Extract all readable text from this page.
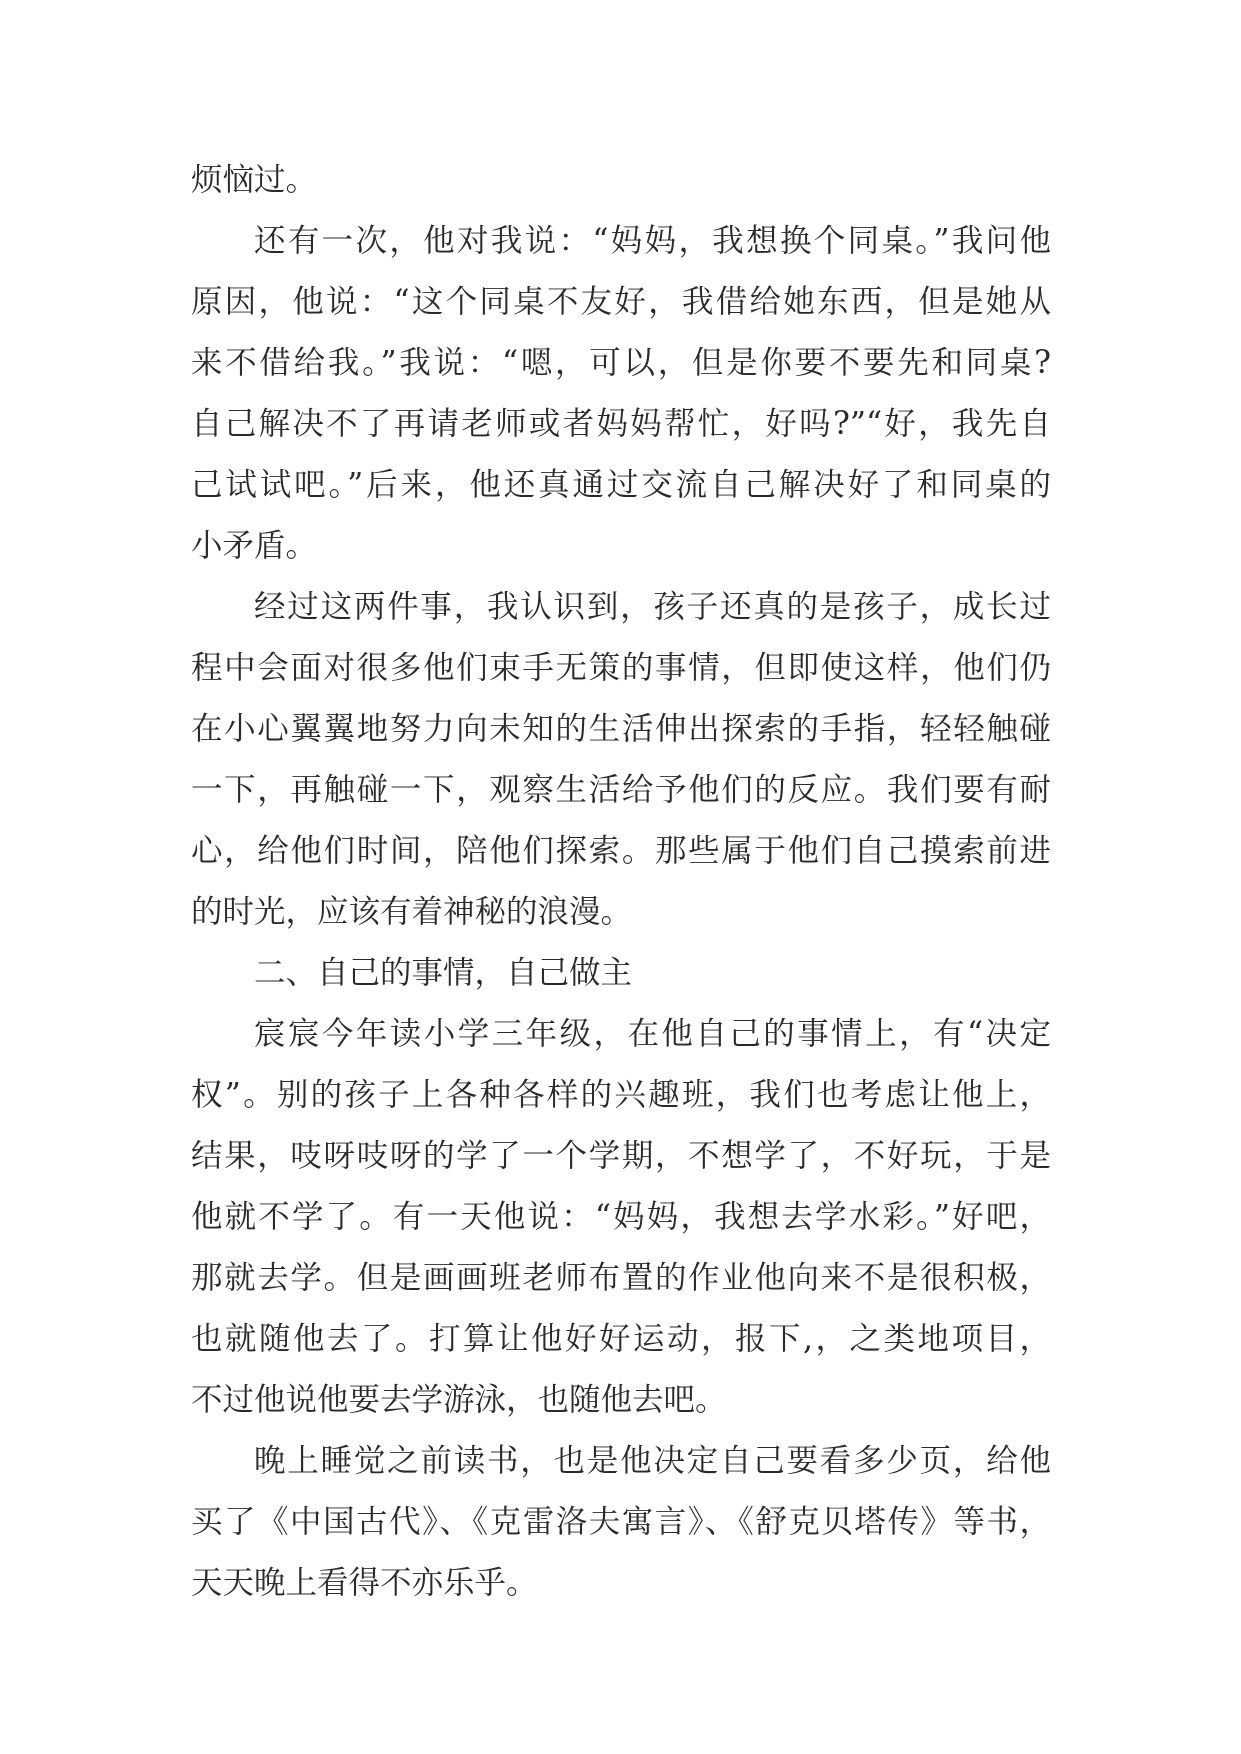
烦恼过。
还有一次，他对我说：“妈妈，我想换个同桌。”我问他
原因，他说：“这个同桌不友好，我借给她东西，但是她从
来不借给我。”我说：“嗯，可以，但是你要不要先和同桌?
自己解决不了再请老师或者妈妈帮忙，好吗?”“好，我先自
己试试吧。”后来，他还真通过交流自己解决好了和同桌的
小矛盾。
经过这两件事，我认识到，孩子还真的是孩子，成长过
程中会面对很多他们束手无策的事情，但即使这样，他们仍
在小心翼翼地努力向未知的生活伸出探索的手指，轻轻触碰
一下，再触碰一下，观察生活给予他们的反应。我们要有耐
心，给他们时间，陪他们探索。那些属于他们自己摸索前进
的时光，应该有着神秘的浪漫。
二、自己的事情，自己做主
宸宸今年读小学三年级，在他自己的事情上，有“决定
权”。别的孩子上各种各样的兴趣班，我们也考虑让他上，
结果，吱呀吱呀的学了一个学期，不想学了，不好玩，于是
他就不学了。有一天他说：“妈妈，我想去学水彩。”好吧，
那就去学。但是画画班老师布置的作业他向来不是很积极，
也就随他去了。打算让他好好运动，报下,，之类地项目，
不过他说他要去学游泳，也随他去吧。
晚上睡觉之前读书，也是他决定自己要看多少页，给他
买了《中国古代》、《克雷洛夫寓言》、《舒克贝塔传》等书，
天天晚上看得不亦乐乎。
